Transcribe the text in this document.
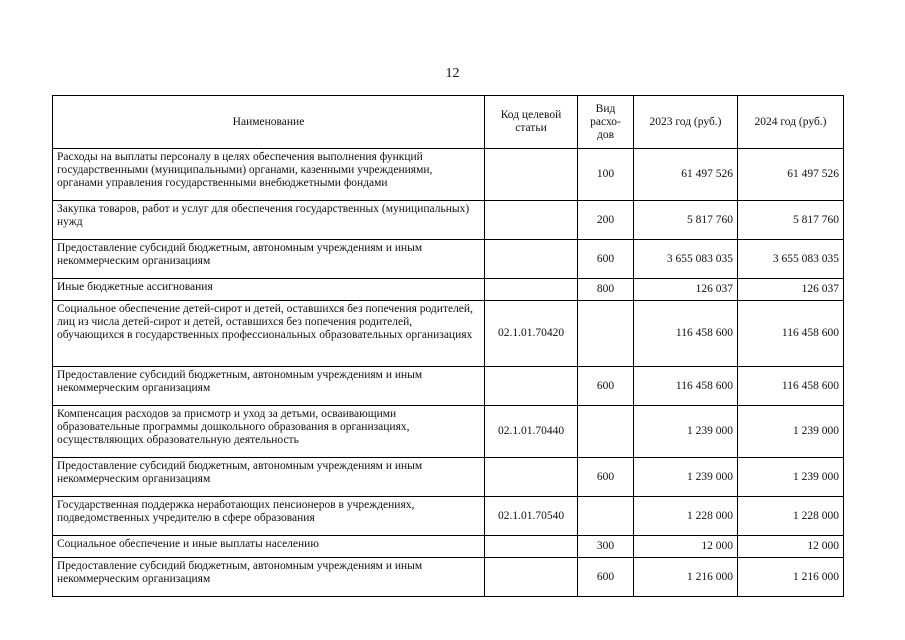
12
Наименование	Код целевой статьи	Вид расхо-дов	2023 год (руб.)	2024 год (руб.)
Расходы на выплаты персоналу в целях обеспечения выполнения функций государственными (муниципальными) органами, казенными учреждениями, органами управления государственными внебюджетными фондами		100	61 497 526	61 497 526
Закупка товаров, работ и услуг для обеспечения государственных (муниципальных) нужд		200	5 817 760	5 817 760
Предоставление субсидий бюджетным, автономным учреждениям и иным некоммерческим организациям		600	3 655 083 035	3 655 083 035
Иные бюджетные ассигнования		800	126 037	126 037
Социальное обеспечение детей-сирот и детей, оставшихся без попечения родителей, лиц из числа детей-сирот и детей, оставшихся без попечения родителей, обучающихся в государственных профессиональных образовательных организациях	02.1.01.70420		116 458 600	116 458 600
Предоставление субсидий бюджетным, автономным учреждениям и иным некоммерческим организациям		600	116 458 600	116 458 600
Компенсация расходов за присмотр и уход за детьми, осваивающими образовательные программы дошкольного образования в организациях, осуществляющих образовательную деятельность	02.1.01.70440		1 239 000	1 239 000
Предоставление субсидий бюджетным, автономным учреждениям и иным некоммерческим организациям		600	1 239 000	1 239 000
Государственная поддержка неработающих пенсионеров в учреждениях, подведомственных учредителю в сфере образования	02.1.01.70540		1 228 000	1 228 000
Социальное обеспечение и иные выплаты населению		300	12 000	12 000
Предоставление субсидий бюджетным, автономным учреждениям и иным некоммерческим организациям		600	1 216 000	1 216 000
